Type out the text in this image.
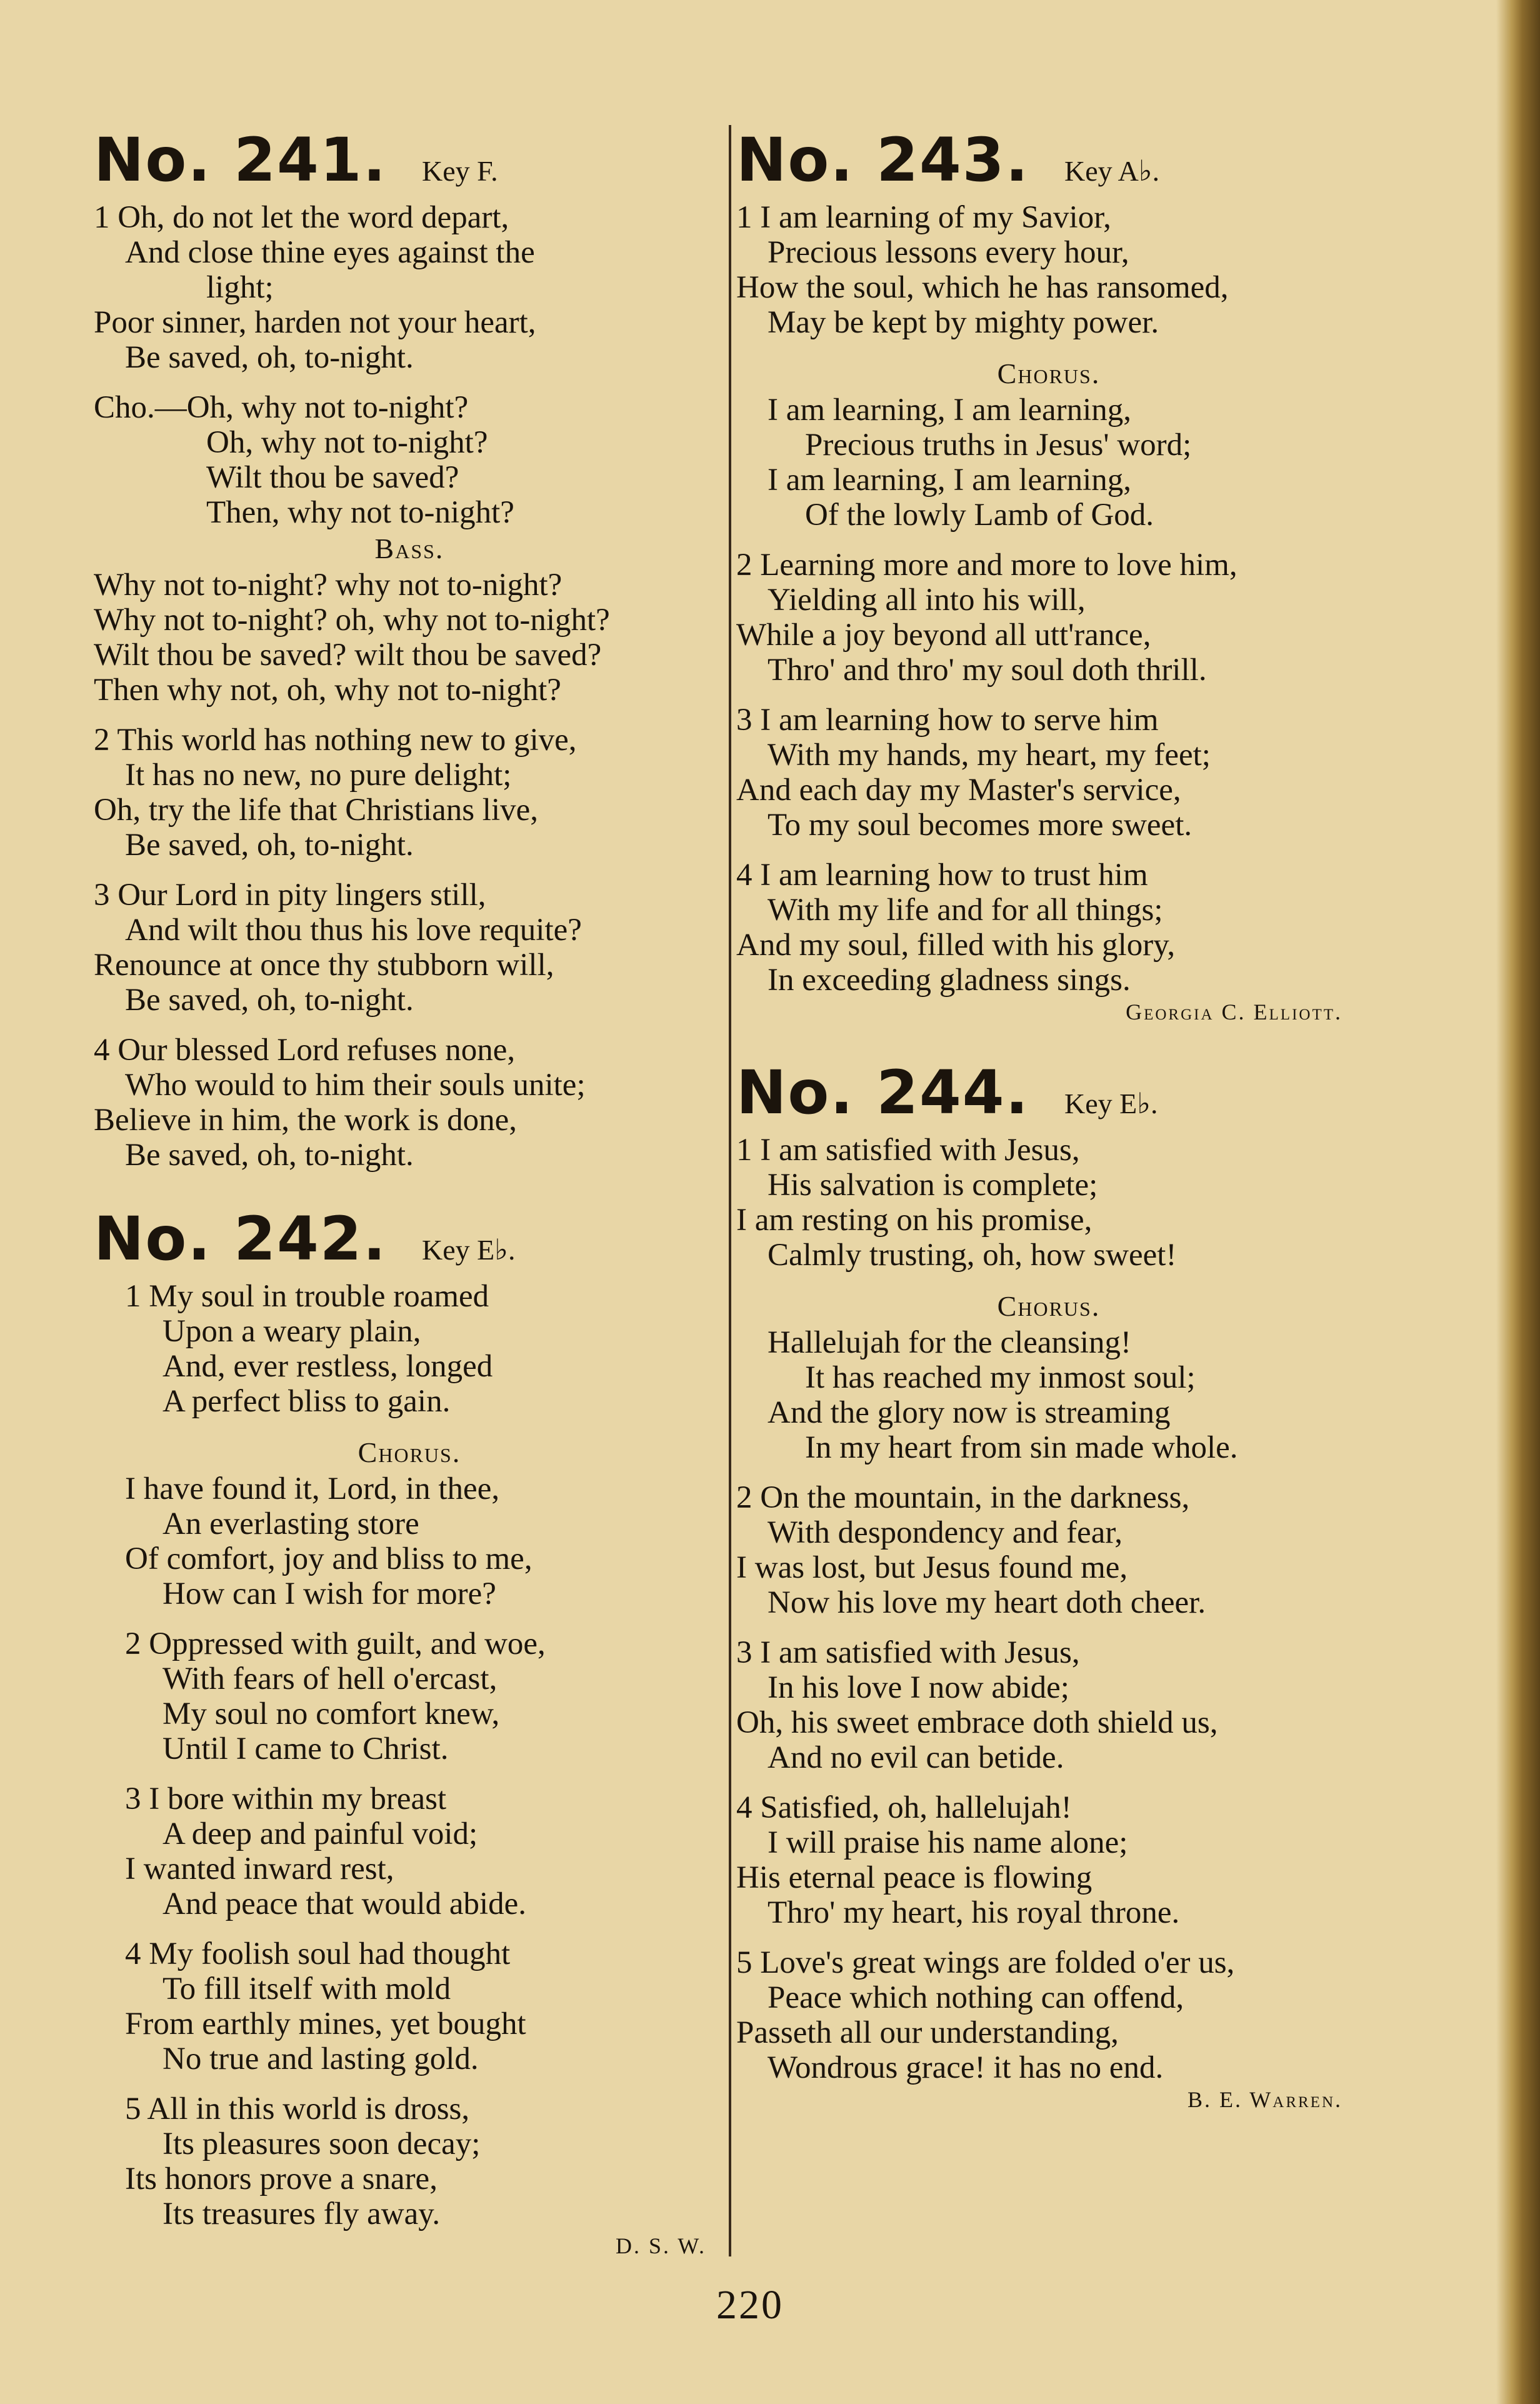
No. 241. Key F.
1 Oh, do not let the word depart,
And close thine eyes against the
light;
Poor sinner, harden not your heart,
Be saved, oh, to-night.
Cho.—Oh, why not to-night?
Oh, why not to-night?
Wilt thou be saved?
Then, why not to-night?
Bass.
Why not to-night? why not to-night?
Why not to-night? oh, why not to-night?
Wilt thou be saved? wilt thou be saved?
Then why not, oh, why not to-night?
2 This world has nothing new to give,
It has no new, no pure delight;
Oh, try the life that Christians live,
Be saved, oh, to-night.
3 Our Lord in pity lingers still,
And wilt thou thus his love requite?
Renounce at once thy stubborn will,
Be saved, oh, to-night.
4 Our blessed Lord refuses none,
Who would to him their souls unite;
Believe in him, the work is done,
Be saved, oh, to-night.
No. 242. Key E♭.
1 My soul in trouble roamed
Upon a weary plain,
And, ever restless, longed
A perfect bliss to gain.
Chorus.
I have found it, Lord, in thee,
An everlasting store
Of comfort, joy and bliss to me,
How can I wish for more?
2 Oppressed with guilt, and woe,
With fears of hell o'ercast,
My soul no comfort knew,
Until I came to Christ.
3 I bore within my breast
A deep and painful void;
I wanted inward rest,
And peace that would abide.
4 My foolish soul had thought
To fill itself with mold
From earthly mines, yet bought
No true and lasting gold.
5 All in this world is dross,
Its pleasures soon decay;
Its honors prove a snare,
Its treasures fly away.
D. S. W.
No. 243. Key A♭.
1 I am learning of my Savior,
Precious lessons every hour,
How the soul, which he has ransomed,
May be kept by mighty power.
Chorus.
I am learning, I am learning,
Precious truths in Jesus' word;
I am learning, I am learning,
Of the lowly Lamb of God.
2 Learning more and more to love him,
Yielding all into his will,
While a joy beyond all utt'rance,
Thro' and thro' my soul doth thrill.
3 I am learning how to serve him
With my hands, my heart, my feet;
And each day my Master's service,
To my soul becomes more sweet.
4 I am learning how to trust him
With my life and for all things;
And my soul, filled with his glory,
In exceeding gladness sings.
Georgia C. Elliott.
No. 244. Key E♭.
1 I am satisfied with Jesus,
His salvation is complete;
I am resting on his promise,
Calmly trusting, oh, how sweet!
Chorus.
Hallelujah for the cleansing!
It has reached my inmost soul;
And the glory now is streaming
In my heart from sin made whole.
2 On the mountain, in the darkness,
With despondency and fear,
I was lost, but Jesus found me,
Now his love my heart doth cheer.
3 I am satisfied with Jesus,
In his love I now abide;
Oh, his sweet embrace doth shield us,
And no evil can betide.
4 Satisfied, oh, hallelujah!
I will praise his name alone;
His eternal peace is flowing
Thro' my heart, his royal throne.
5 Love's great wings are folded o'er us,
Peace which nothing can offend,
Passeth all our understanding,
Wondrous grace! it has no end.
B. E. Warren.
220
